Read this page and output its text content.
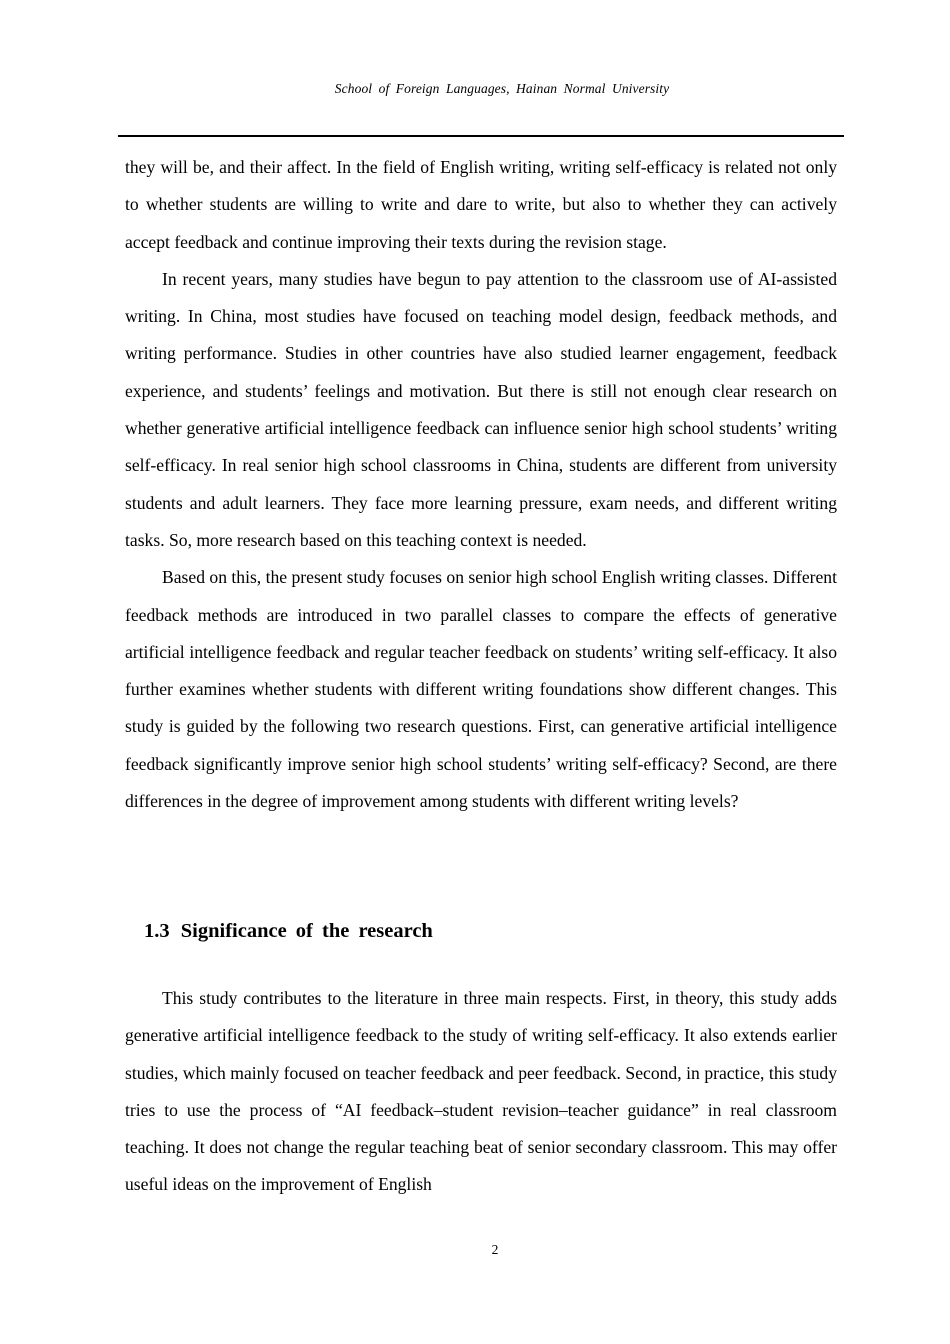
School of Foreign Languages, Hainan Normal University

they will be, and their affect. In the field of English writing, writing self-efficacy is related not only to whether students are willing to write and dare to write, but also to whether they can actively accept feedback and continue improving their texts during the revision stage.

In recent years, many studies have begun to pay attention to the classroom use of AI-assisted writing. In China, most studies have focused on teaching model design, feedback methods, and writing performance. Studies in other countries have also studied learner engagement, feedback experience, and students’ feelings and motivation. But there is still not enough clear research on whether generative artificial intelligence feedback can influence senior high school students’ writing self-efficacy. In real senior high school classrooms in China, students are different from university students and adult learners. They face more learning pressure, exam needs, and different writing tasks. So, more research based on this teaching context is needed.

Based on this, the present study focuses on senior high school English writing classes. Different feedback methods are introduced in two parallel classes to compare the effects of generative artificial intelligence feedback and regular teacher feedback on students’ writing self-efficacy. It also further examines whether students with different writing foundations show different changes. This study is guided by the following two research questions. First, can generative artificial intelligence feedback significantly improve senior high school students’ writing self-efficacy? Second, are there differences in the degree of improvement among students with different writing levels?

1.3 Significance of the research

This study contributes to the literature in three main respects. First, in theory, this study adds generative artificial intelligence feedback to the study of writing self-efficacy. It also extends earlier studies, which mainly focused on teacher feedback and peer feedback. Second, in practice, this study tries to use the process of “AI feedback–student revision–teacher guidance” in real classroom teaching. It does not change the regular teaching beat of senior secondary classroom. This may offer useful ideas on the improvement of English

2
